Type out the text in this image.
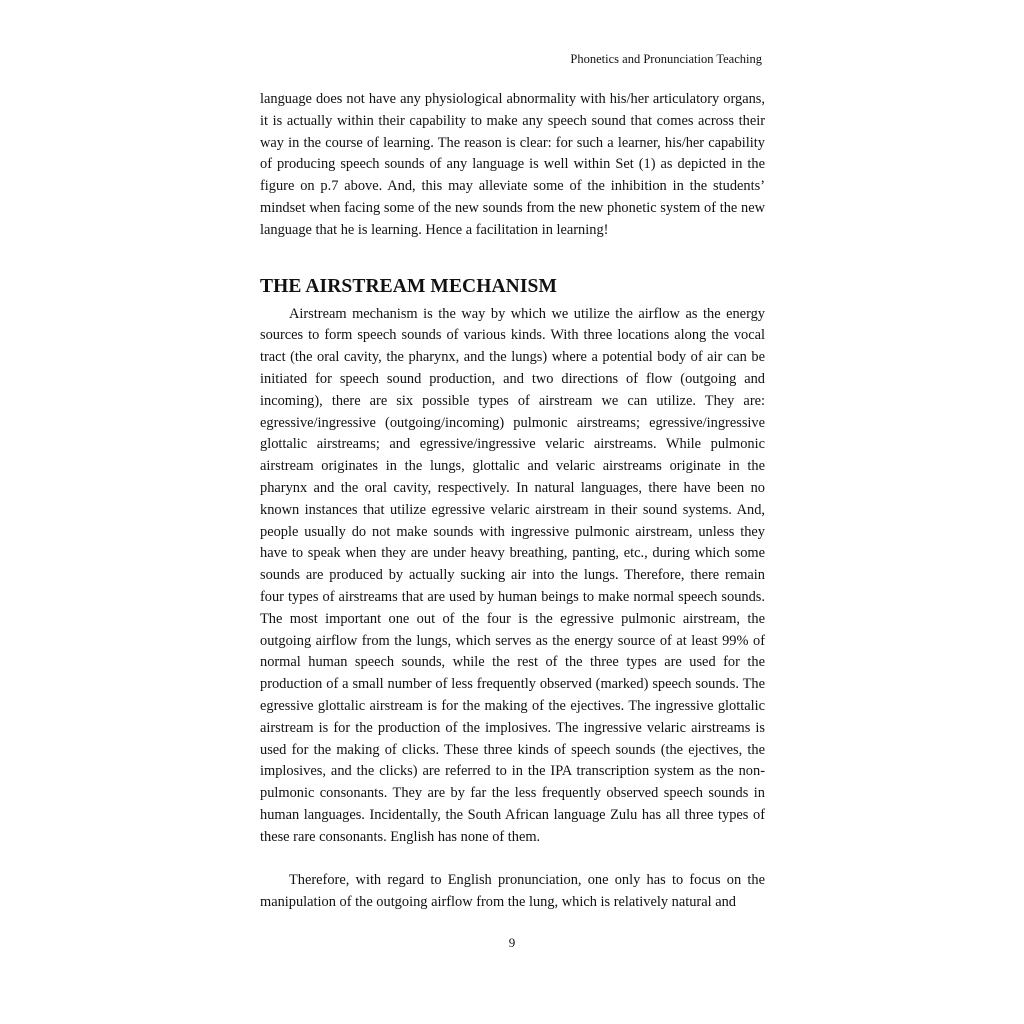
Phonetics and Pronunciation Teaching

language does not have any physiological abnormality with his/her articulatory organs, it is actually within their capability to make any speech sound that comes across their way in the course of learning. The reason is clear: for such a learner, his/her capability of producing speech sounds of any language is well within Set (1) as depicted in the figure on p.7 above. And, this may alleviate some of the inhibition in the students’ mindset when facing some of the new sounds from the new phonetic system of the new language that he is learning. Hence a facilitation in learning!

THE AIRSTREAM MECHANISM

Airstream mechanism is the way by which we utilize the airflow as the energy sources to form speech sounds of various kinds. With three locations along the vocal tract (the oral cavity, the pharynx, and the lungs) where a potential body of air can be initiated for speech sound production, and two directions of flow (outgoing and incoming), there are six possible types of airstream we can utilize. They are: egressive/ingressive (outgoing/incoming) pulmonic airstreams; egressive/ingressive glottalic airstreams; and egressive/ingressive velaric airstreams. While pulmonic airstream originates in the lungs, glottalic and velaric airstreams originate in the pharynx and the oral cavity, respectively. In natural languages, there have been no known instances that utilize egressive velaric airstream in their sound systems. And, people usually do not make sounds with ingressive pulmonic airstream, unless they have to speak when they are under heavy breathing, panting, etc., during which some sounds are produced by actually sucking air into the lungs. Therefore, there remain four types of airstreams that are used by human beings to make normal speech sounds. The most important one out of the four is the egressive pulmonic airstream, the outgoing airflow from the lungs, which serves as the energy source of at least 99% of normal human speech sounds, while the rest of the three types are used for the production of a small number of less frequently observed (marked) speech sounds. The egressive glottalic airstream is for the making of the ejectives. The ingressive glottalic airstream is for the production of the implosives. The ingressive velaric airstreams is used for the making of clicks. These three kinds of speech sounds (the ejectives, the implosives, and the clicks) are referred to in the IPA transcription system as the non-pulmonic consonants. They are by far the less frequently observed speech sounds in human languages. Incidentally, the South African language Zulu has all three types of these rare consonants. English has none of them.

Therefore, with regard to English pronunciation, one only has to focus on the manipulation of the outgoing airflow from the lung, which is relatively natural and

9
